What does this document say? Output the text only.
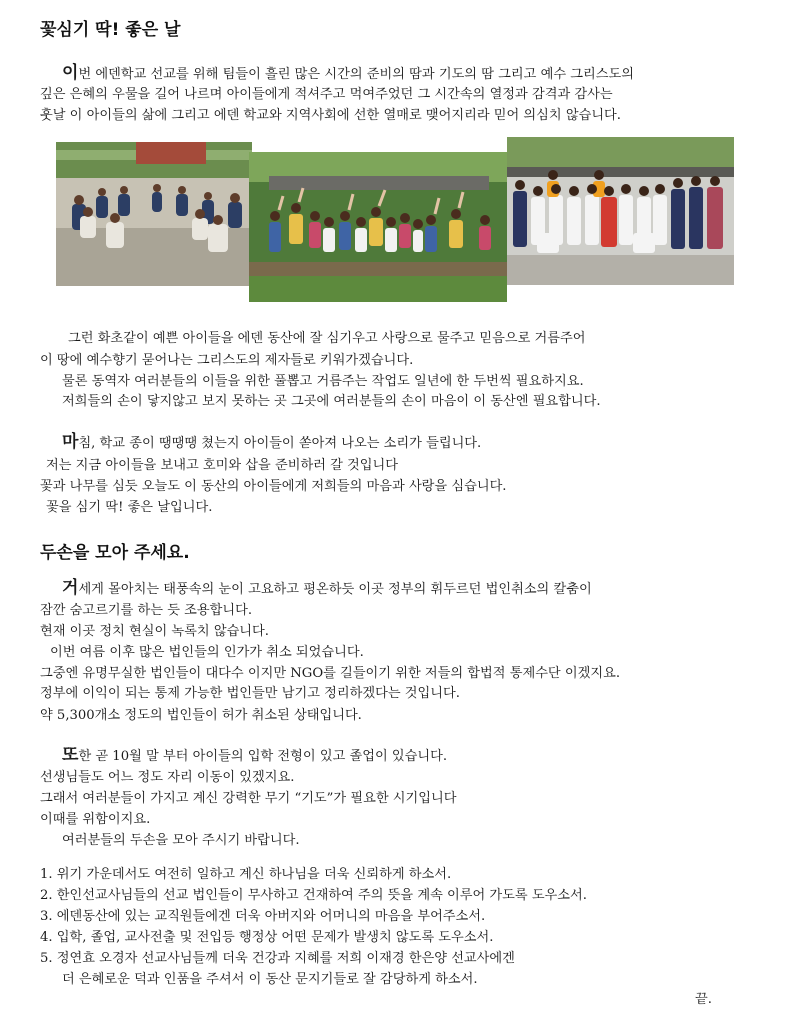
꽃심기 딱! 좋은 날

이번 에덴학교 선교를 위해 팀들이 흘린 많은 시간의 준비의 땀과 기도의 땀 그리고 예수 그리스도의

깊은 은혜의 우물을 길어 나르며 아이들에게 적셔주고 먹여주었던 그 시간속의 열정과 감격과 감사는

훗날 이 아이들의 삶에 그리고 에덴 학교와 지역사회에 선한 열매로 맺어지리라 믿어 의심치 않습니다.

그런 화초같이 예쁜 아이들을 에덴 동산에 잘 심기우고 사랑으로 물주고 믿음으로 거름주어

이 땅에 예수향기 묻어나는 그리스도의 제자들로 키워가겠습니다.

물론 동역자 여러분들의 이들을 위한 풀뽑고 거름주는 작업도 일년에 한 두번씩 필요하지요.

저희들의 손이 닿지않고 보지 못하는 곳 그곳에 여러분들의 손이 마음이 이 동산엔 필요합니다.

마침, 학교 종이 땡땡땡 쳤는지 아이들이 쏟아져 나오는 소리가 들립니다.

저는 지금 아이들을 보내고 호미와 삽을 준비하러 갈 것입니다

꽃과 나무를 심듯 오늘도 이 동산의 아이들에게 저희들의 마음과 사랑을 심습니다.

꽃을 심기 딱! 좋은 날입니다.

두손을 모아 주세요.

거세게 몰아치는 태풍속의 눈이 고요하고 평온하듯 이곳 정부의 휘두르던 법인취소의 칼춤이

잠깐 숨고르기를 하는 듯 조용합니다.

현재 이곳 정치 현실이 녹록치 않습니다.

이번 여름 이후 많은 법인들의 인가가 취소 되었습니다.

그중엔 유명무실한 법인들이 대다수 이지만 NGO를 길들이기 위한 저들의 합법적 통제수단 이겠지요.

정부에 이익이 되는 통제 가능한 법인들만 남기고 정리하겠다는 것입니다.

약 5,300개소 정도의 법인들이 허가 취소된 상태입니다.

또한 곧 10월 말 부터 아이들의 입학 전형이 있고 졸업이 있습니다.

선생님들도 어느 정도 자리 이동이 있겠지요.

그래서 여러분들이 가지고 계신 강력한 무기 “기도”가 필요한 시기입니다

이때를 위함이지요.

여러분들의 두손을 모아 주시기 바랍니다.

1. 위기 가운데서도 여전히 일하고 계신 하나님을 더욱 신뢰하게 하소서.

2. 한인선교사님들의 선교 법인들이 무사하고 건재하여 주의 뜻을 계속 이루어 가도록 도우소서.

3. 에덴동산에 있는 교직원들에겐 더욱 아버지와 어머니의 마음을 부어주소서.

4. 입학, 졸업, 교사전출 및 전입등 행정상 어떤 문제가 발생치 않도록 도우소서.

5. 정연효 오경자 선교사님들께 더욱 건강과 지혜를 저희 이재경 한은양 선교사에겐

더 은혜로운 덕과 인품을 주셔서 이 동산 문지기들로 잘 감당하게 하소서.

끝.
